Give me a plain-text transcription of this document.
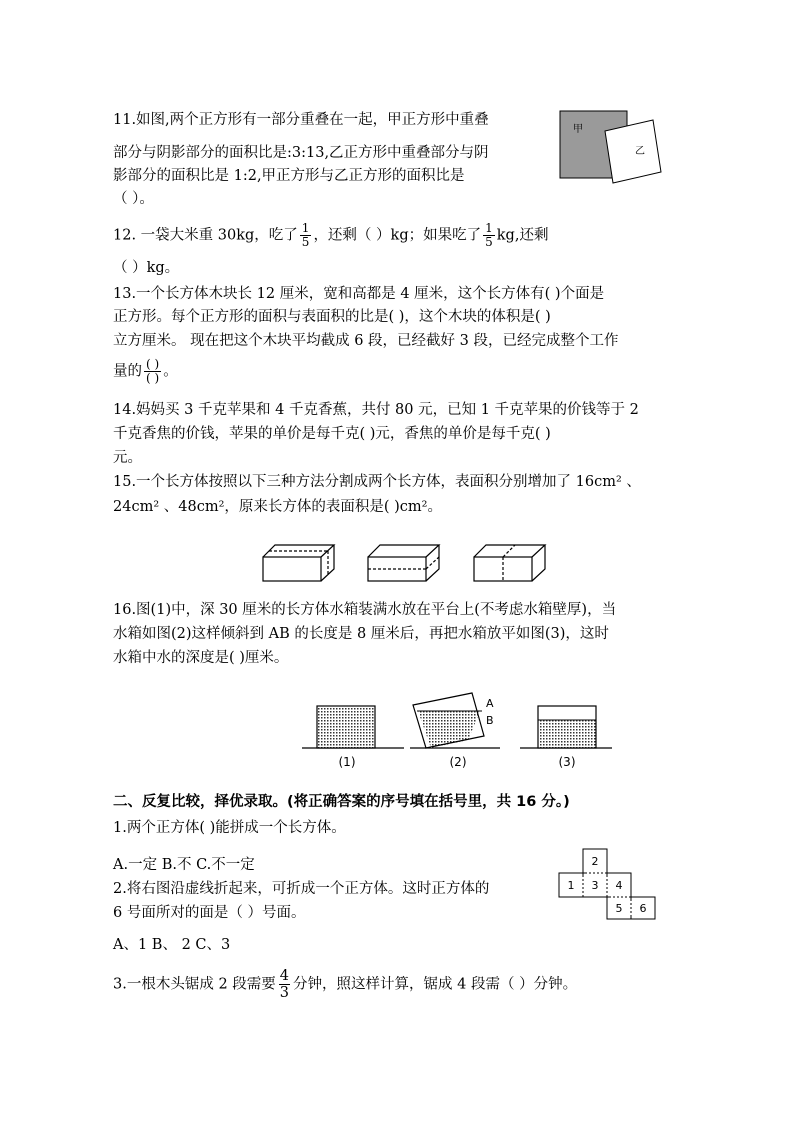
11.如图,两个正方形有一部分重叠在一起，甲正方形中重叠
部分与阴影部分的面积比是:3:13,乙正方形中重叠部分与阴
影部分的面积比是 1:2,甲正方形与乙正方形的面积比是
（ ）。
甲
乙
12. 一袋大米重 30kg，吃了 $\frac{1}{5}$ ，还剩（ ）kg；如果吃了 $\frac{1}{5}$ kg,还剩
（ ）kg。
13.一个长方体木块长 12 厘米，宽和高都是 4 厘米，这个长方体有( )个面是
正方形。每个正方形的面积与表面积的比是( )，这个木块的体积是( )
立方厘米。 现在把这个木块平均截成 6 段，已经截好 3 段，已经完成整个工作
量的 $\frac{( )}{( )}$ 。
14.妈妈买 3 千克苹果和 4 千克香蕉，共付 80 元，已知 1 千克苹果的价钱等于 2
千克香焦的价钱，苹果的单价是每千克( )元，香焦的单价是每千克( )
元。
15.一个长方体按照以下三种方法分割成两个长方体，表面积分别增加了 16cm² 、
24cm² 、48cm²，原来长方体的表面积是( )cm²。
16.图(1)中，深 30 厘米的长方体水箱装满水放在平台上(不考虑水箱壁厚)，当
水箱如图(2)这样倾斜到 AB 的长度是 8 厘米后，再把水箱放平如图(3)，这时
水箱中水的深度是( )厘米。
(1)
A
B
(2)	(3)
二、反复比较，择优录取。(将正确答案的序号填在括号里，共 16 分。)
1.两个正方体( )能拼成一个长方体。
A.一定 B.不 C.不一定
2.将右图沿虚线折起来，可折成一个正方体。这时正方体的
6 号面所对的面是（ ）号面。
A、1 B、 2 C、3
1
2
3 4
5 6
3.一根木头锯成 2 段需要 $\frac{4}{3}$ 分钟，照这样计算，锯成 4 段需（ ）分钟。
